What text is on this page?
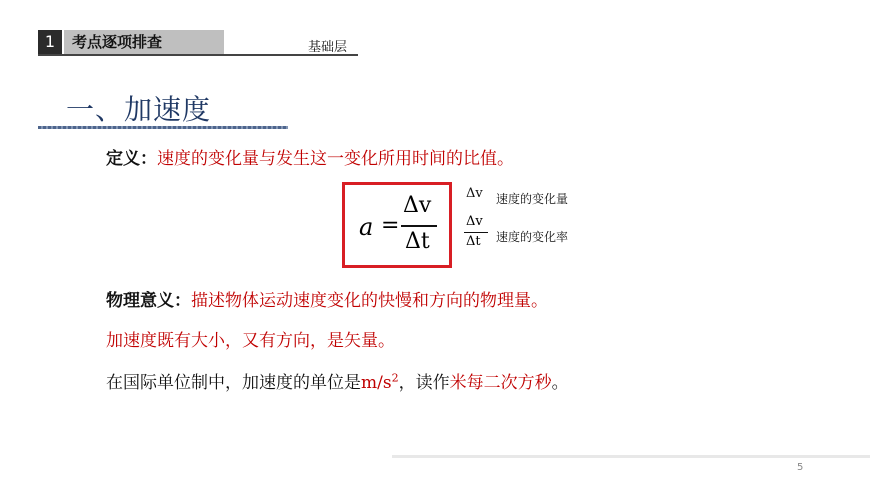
1	考点逐项排查	基础层
一、加速度
定义：速度的变化量与发生这一变化所用时间的比值。
a =
Δv
Δt
Δv 速度的变化量
Δv
Δt 速度的变化率
物理意义：描述物体运动速度变化的快慢和方向的物理量。
加速度既有大小，又有方向，是矢量。
在国际单位制中，加速度的单位是$m/s^2$，读作米每二次方秒。
5
